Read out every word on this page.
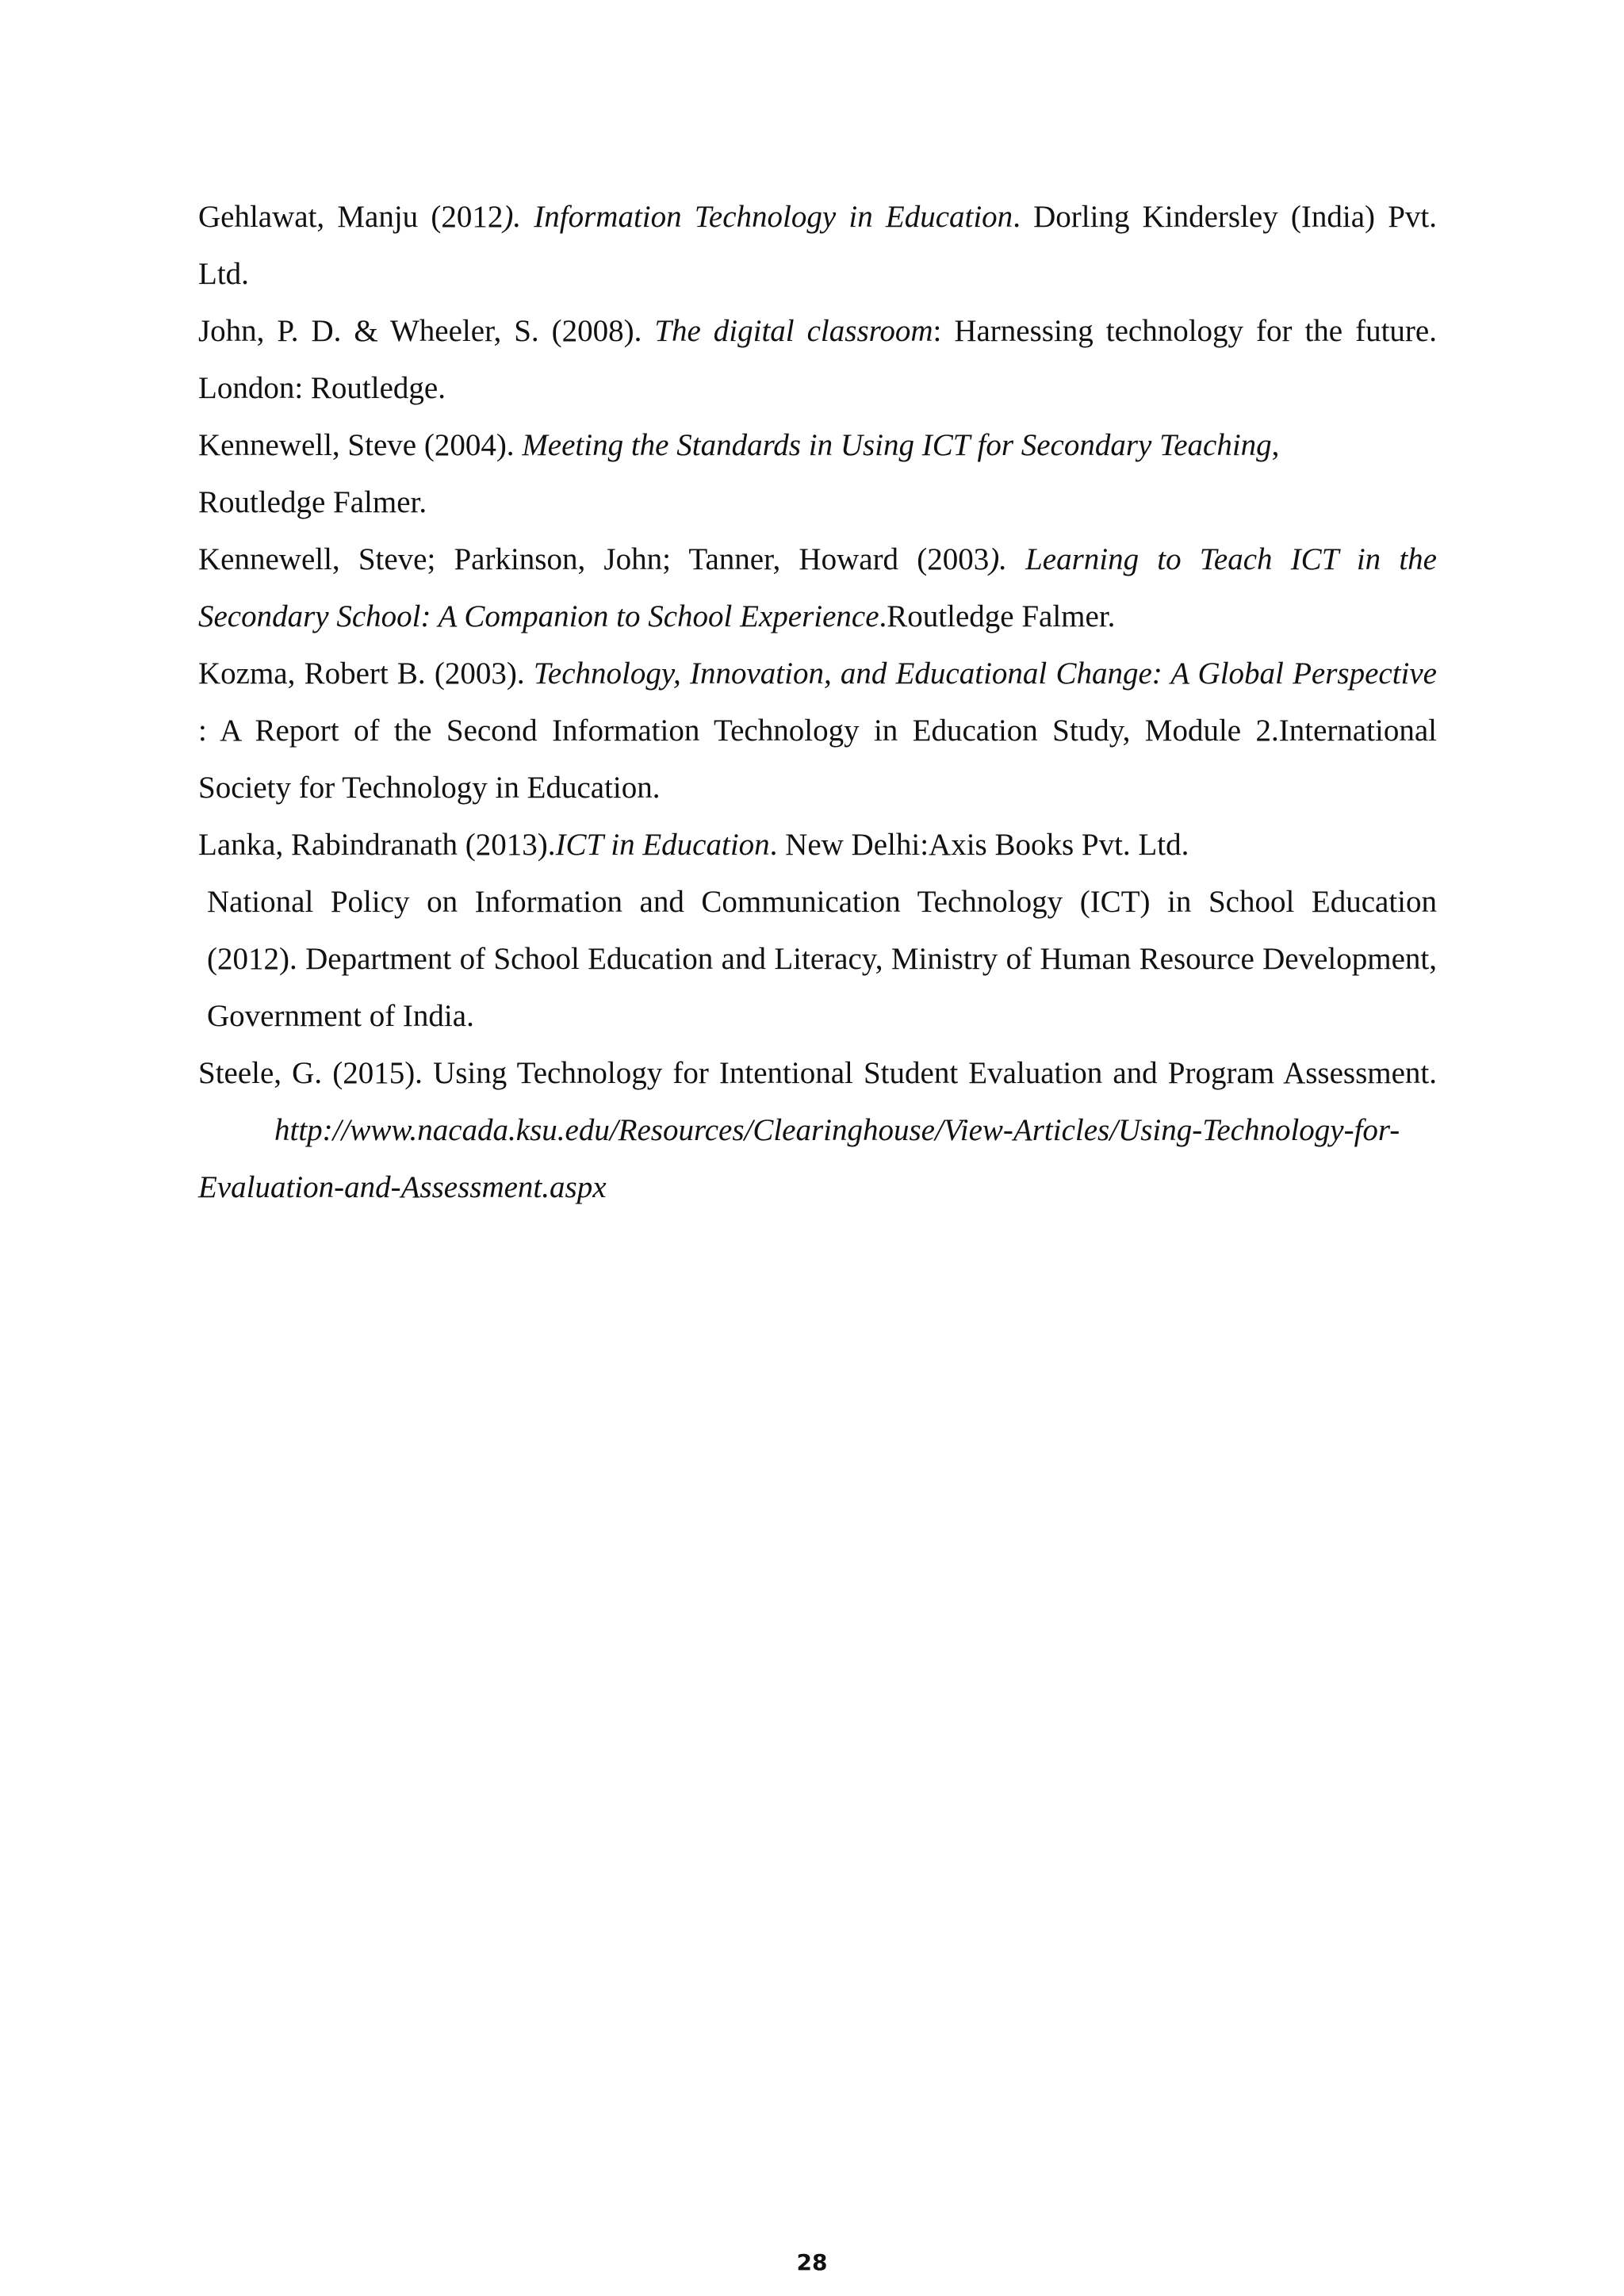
Gehlawat, Manju (2012). Information Technology in Education. Dorling Kindersley (India) Pvt. Ltd.

John, P. D. & Wheeler, S. (2008). The digital classroom: Harnessing technology for the future. London: Routledge.

Kennewell, Steve (2004). Meeting the Standards in Using ICT for Secondary Teaching,

Routledge Falmer.

Kennewell, Steve; Parkinson, John; Tanner, Howard (2003). Learning to Teach ICT in the Secondary School: A Companion to School Experience.Routledge Falmer.

Kozma, Robert B. (2003). Technology, Innovation, and Educational Change: A Global Perspective : A Report of the Second Information Technology in Education Study, Module 2.International Society for Technology in Education.

Lanka, Rabindranath (2013).ICT in Education. New Delhi:Axis Books Pvt. Ltd.

National Policy on Information and Communication Technology (ICT) in School Education (2012). Department of School Education and Literacy, Ministry of Human Resource Development, Government of India.

Steele, G. (2015). Using Technology for Intentional Student Evaluation and Program Assessment.http://www.nacada.ksu.edu/Resources/Clearinghouse/View-Articles/Using-Technology-for-Evaluation-and-Assessment.aspx

28
